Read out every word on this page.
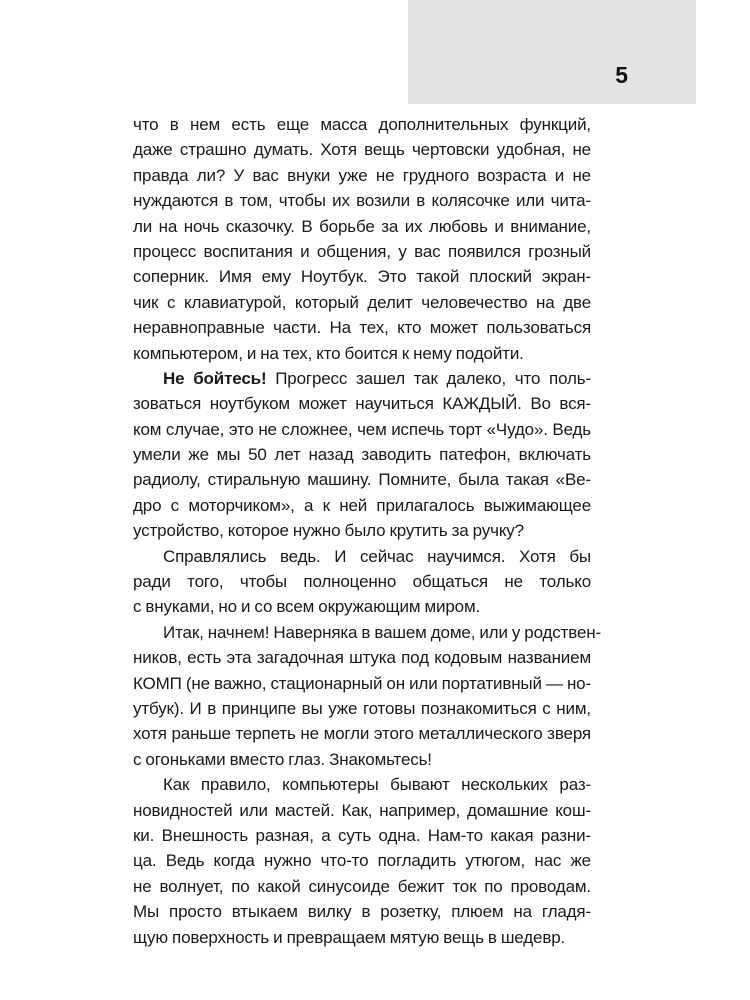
5
что в нем есть еще масса дополнительных функций,
даже страшно думать. Хотя вещь чертовски удобная, не
правда ли? У вас внуки уже не грудного возраста и не
нуждаются в том, чтобы их возили в колясочке или чита-
ли на ночь сказочку. В борьбе за их любовь и внимание,
процесс воспитания и общения, у вас появился грозный
соперник. Имя ему Ноутбук. Это такой плоский экран-
чик с клавиатурой, который делит человечество на две
неравноправные части. На тех, кто может пользоваться
компьютером, и на тех, кто боится к нему подойти.
Не бойтесь! Прогресс зашел так далеко, что поль-
зоваться ноутбуком может научиться КАЖДЫЙ. Во вся-
ком случае, это не сложнее, чем испечь торт «Чудо». Ведь
умели же мы 50 лет назад заводить патефон, включать
радиолу, стиральную машину. Помните, была такая «Ве-
дро с моторчиком», а к ней прилагалось выжимающее
устройство, которое нужно было крутить за ручку?
Справлялись ведь. И сейчас научимся. Хотя бы
ради того, чтобы полноценно общаться не только
с внуками, но и со всем окружающим миром.
Итак, начнем! Наверняка в вашем доме, или у родствен-
ников, есть эта загадочная штука под кодовым названием
КОМП (не важно, стационарный он или портативный — но-
утбук). И в принципе вы уже готовы познакомиться с ним,
хотя раньше терпеть не могли этого металлического зверя
с огоньками вместо глаз. Знакомьтесь!
Как правило, компьютеры бывают нескольких раз-
новидностей или мастей. Как, например, домашние кош-
ки. Внешность разная, а суть одна. Нам-то какая разни-
ца. Ведь когда нужно что-то погладить утюгом, нас же
не волнует, по какой синусоиде бежит ток по проводам.
Мы просто втыкаем вилку в розетку, плюем на гладя-
щую поверхность и превращаем мятую вещь в шедевр.
